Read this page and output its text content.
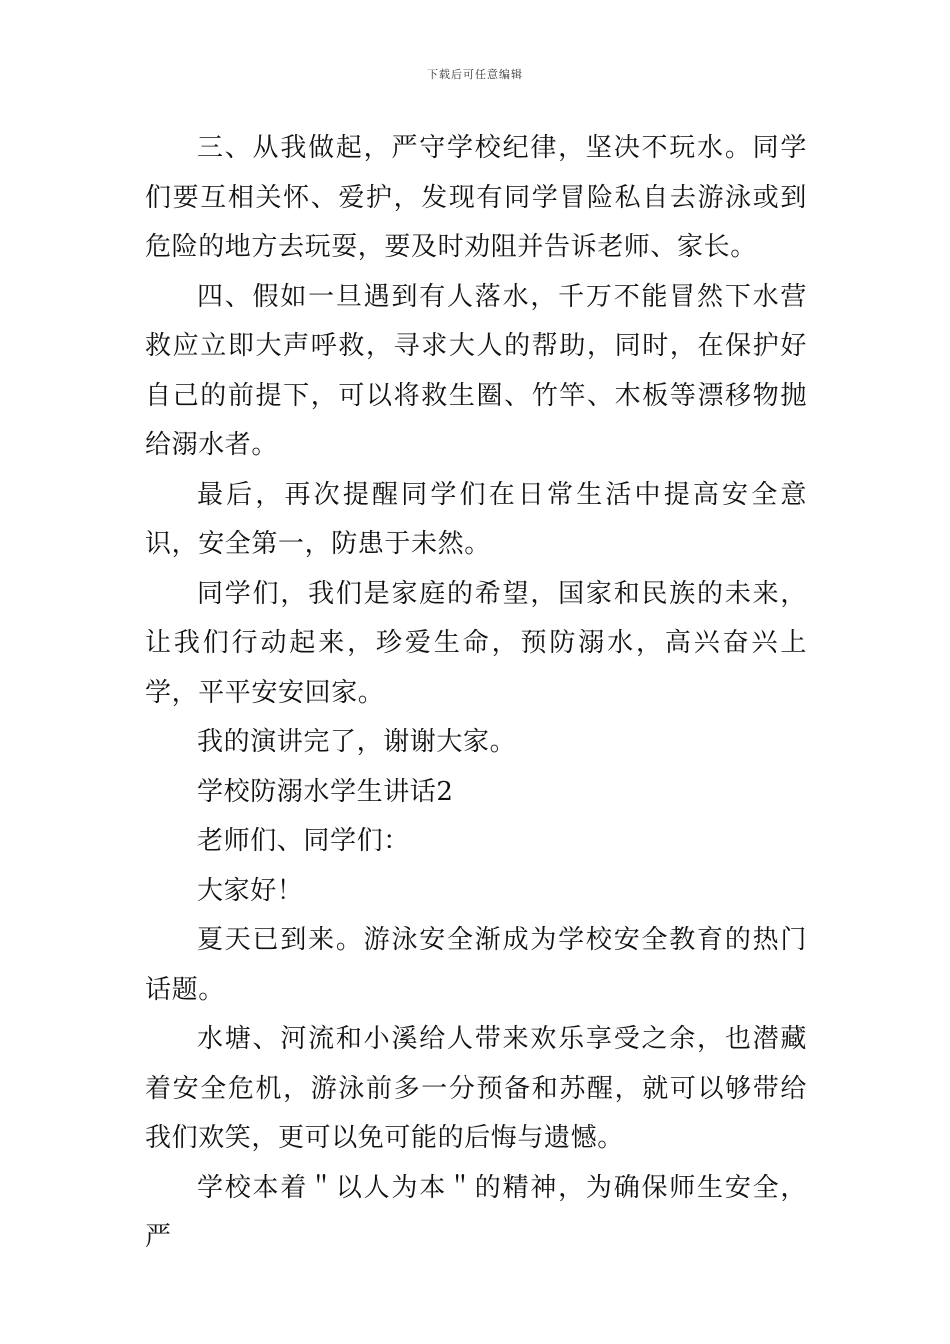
下载后可任意编辑

三、从我做起，严守学校纪律，坚决不玩水。同学们要互相关怀、爱护，发现有同学冒险私自去游泳或到危险的地方去玩耍，要及时劝阻并告诉老师、家长。

四、假如一旦遇到有人落水，千万不能冒然下水营救应立即大声呼救，寻求大人的帮助，同时，在保护好自己的前提下，可以将救生圈、竹竿、木板等漂移物抛给溺水者。

最后，再次提醒同学们在日常生活中提高安全意识，安全第一，防患于未然。

同学们，我们是家庭的希望，国家和民族的未来，让我们行动起来，珍爱生命，预防溺水，高兴奋兴上学，平平安安回家。

我的演讲完了，谢谢大家。

学校防溺水学生讲话2

老师们、同学们：

大家好！

夏天已到来。游泳安全渐成为学校安全教育的热门话题。

水塘、河流和小溪给人带来欢乐享受之余，也潜藏着安全危机，游泳前多一分预备和苏醒，就可以够带给我们欢笑，更可以免可能的后悔与遗憾。

学校本着＂以人为本＂的精神，为确保师生安全，严
